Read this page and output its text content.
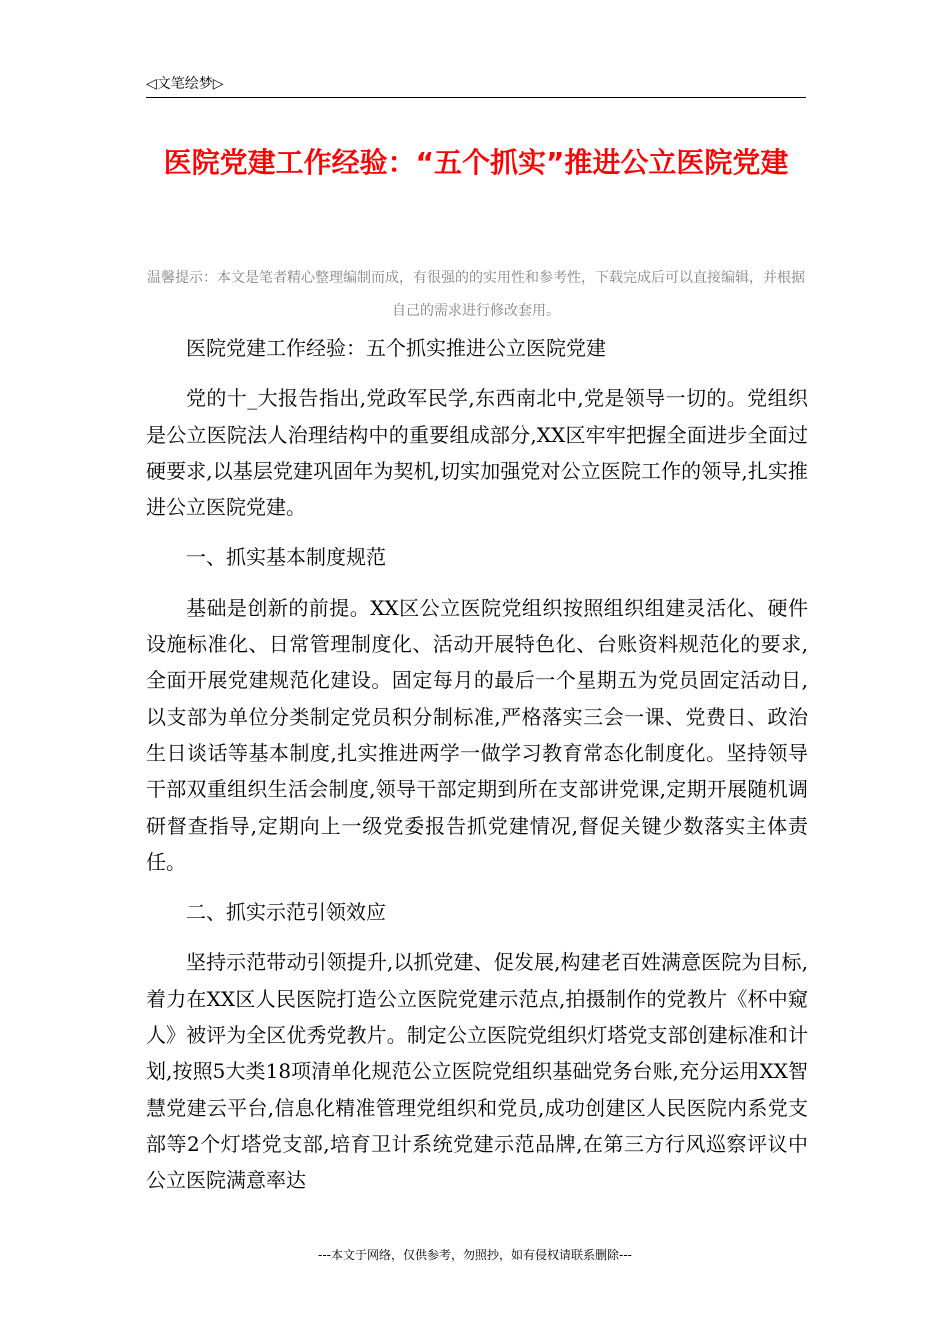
◁文笔绘梦▷
医院党建工作经验：“五个抓实”推进公立医院党建
温馨提示：本文是笔者精心整理编制而成，有很强的的实用性和参考性，下载完成后可以直接编辑，并根据自己的需求进行修改套用。

医院党建工作经验：五个抓实推进公立医院党建

党的十_大报告指出,党政军民学,东西南北中,党是领导一切的。党组织是公立医院法人治理结构中的重要组成部分,XX区牢牢把握全面进步全面过硬要求,以基层党建巩固年为契机,切实加强党对公立医院工作的领导,扎实推进公立医院党建。

一、抓实基本制度规范

基础是创新的前提。XX区公立医院党组织按照组织组建灵活化、硬件设施标准化、日常管理制度化、活动开展特色化、台账资料规范化的要求,全面开展党建规范化建设。固定每月的最后一个星期五为党员固定活动日,以支部为单位分类制定党员积分制标准,严格落实三会一课、党费日、政治生日谈话等基本制度,扎实推进两学一做学习教育常态化制度化。坚持领导干部双重组织生活会制度,领导干部定期到所在支部讲党课,定期开展随机调研督查指导,定期向上一级党委报告抓党建情况,督促关键少数落实主体责任。

二、抓实示范引领效应

坚持示范带动引领提升,以抓党建、促发展,构建老百姓满意医院为目标,着力在XX区人民医院打造公立医院党建示范点,拍摄制作的党教片《杯中窥人》被评为全区优秀党教片。制定公立医院党组织灯塔党支部创建标准和计划,按照5大类18项清单化规范公立医院党组织基础党务台账,充分运用XX智慧党建云平台,信息化精准管理党组织和党员,成功创建区人民医院内系党支部等2个灯塔党支部,培育卫计系统党建示范品牌,在第三方行风巡察评议中公立医院满意率达

---本文于网络，仅供参考，勿照抄，如有侵权请联系删除---
